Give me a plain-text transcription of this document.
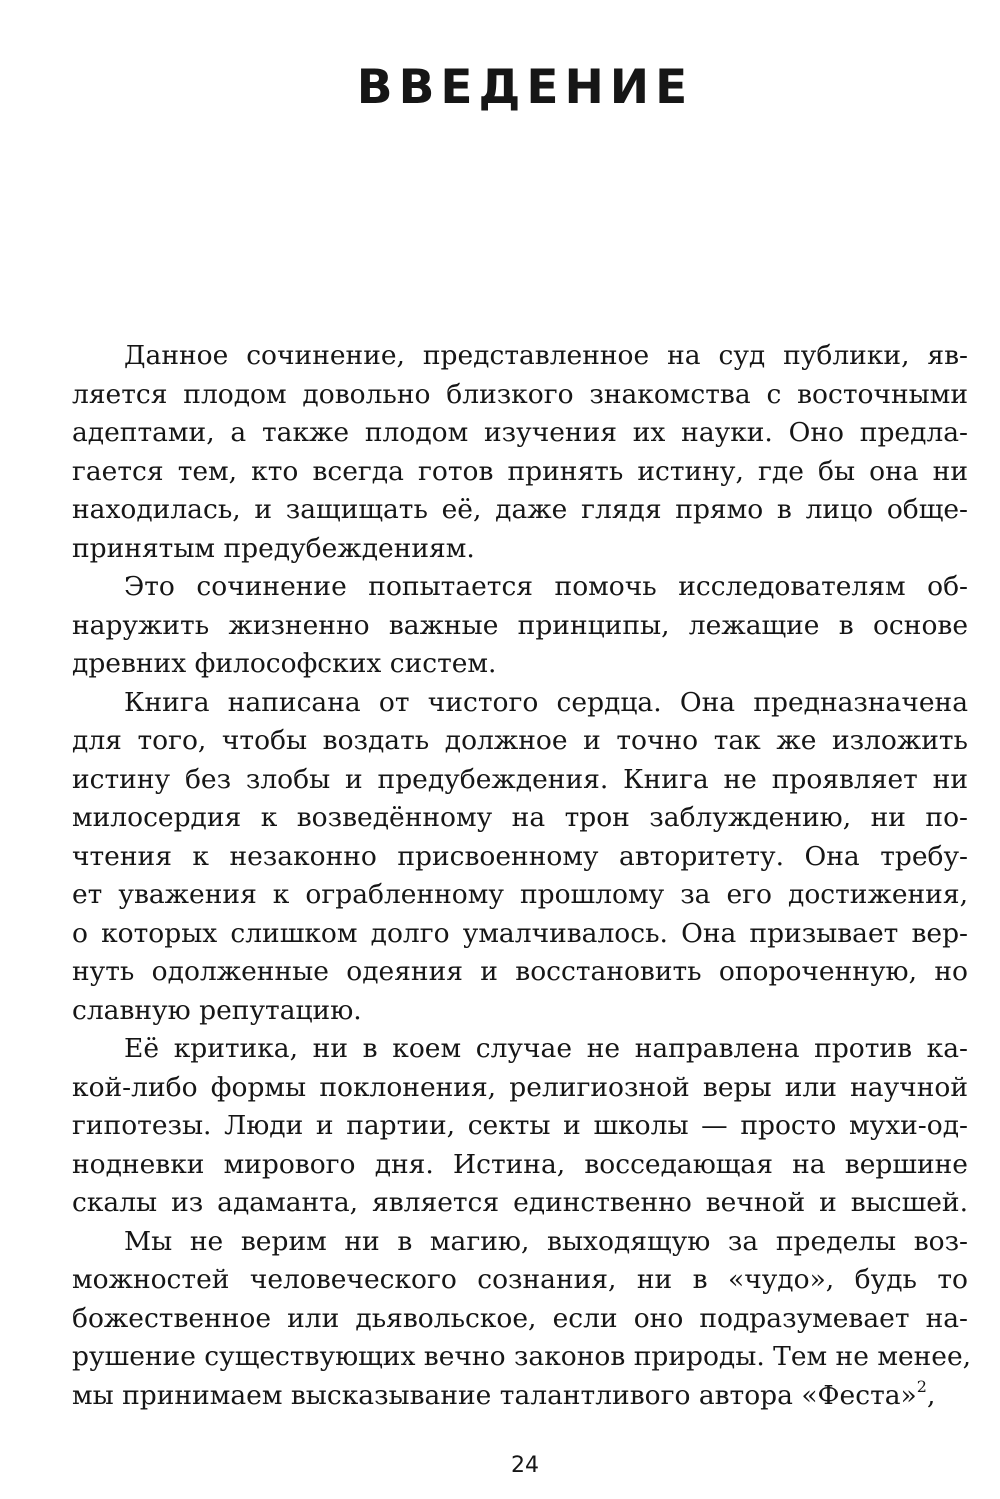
ВВЕДЕНИЕ

Данное сочинение, представленное на суд публики, яв-
ляется плодом довольно близкого знакомства с восточными
адептами, а также плодом изучения их науки. Оно предла-
гается тем, кто всегда готов принять истину, где бы она ни
находилась, и защищать её, даже глядя прямо в лицо обще-
принятым предубеждениям.

Это сочинение попытается помочь исследователям об-
наружить жизненно важные принципы, лежащие в основе
древних философских систем.

Книга написана от чистого сердца. Она предназначена
для того, чтобы воздать должное и точно так же изложить
истину без злобы и предубеждения. Книга не проявляет ни
милосердия к возведённому на трон заблуждению, ни по-
чтения к незаконно присвоенному авторитету. Она требу-
ет уважения к ограбленному прошлому за его достижения,
о которых слишком долго умалчивалось. Она призывает вер-
нуть одолженные одеяния и восстановить опороченную, но
славную репутацию.

Её критика, ни в коем случае не направлена против ка-
кой-либо формы поклонения, религиозной веры или научной
гипотезы. Люди и партии, секты и школы — просто мухи-од-
нодневки мирового дня. Истина, восседающая на вершине
скалы из адаманта, является единственно вечной и высшей.

Мы не верим ни в магию, выходящую за пределы воз-
можностей человеческого сознания, ни в «чудо», будь то
божественное или дьявольское, если оно подразумевает на-
рушение существующих вечно законов природы. Тем не менее,
мы принимаем высказывание талантливого автора «Феста»$^2$,

24
